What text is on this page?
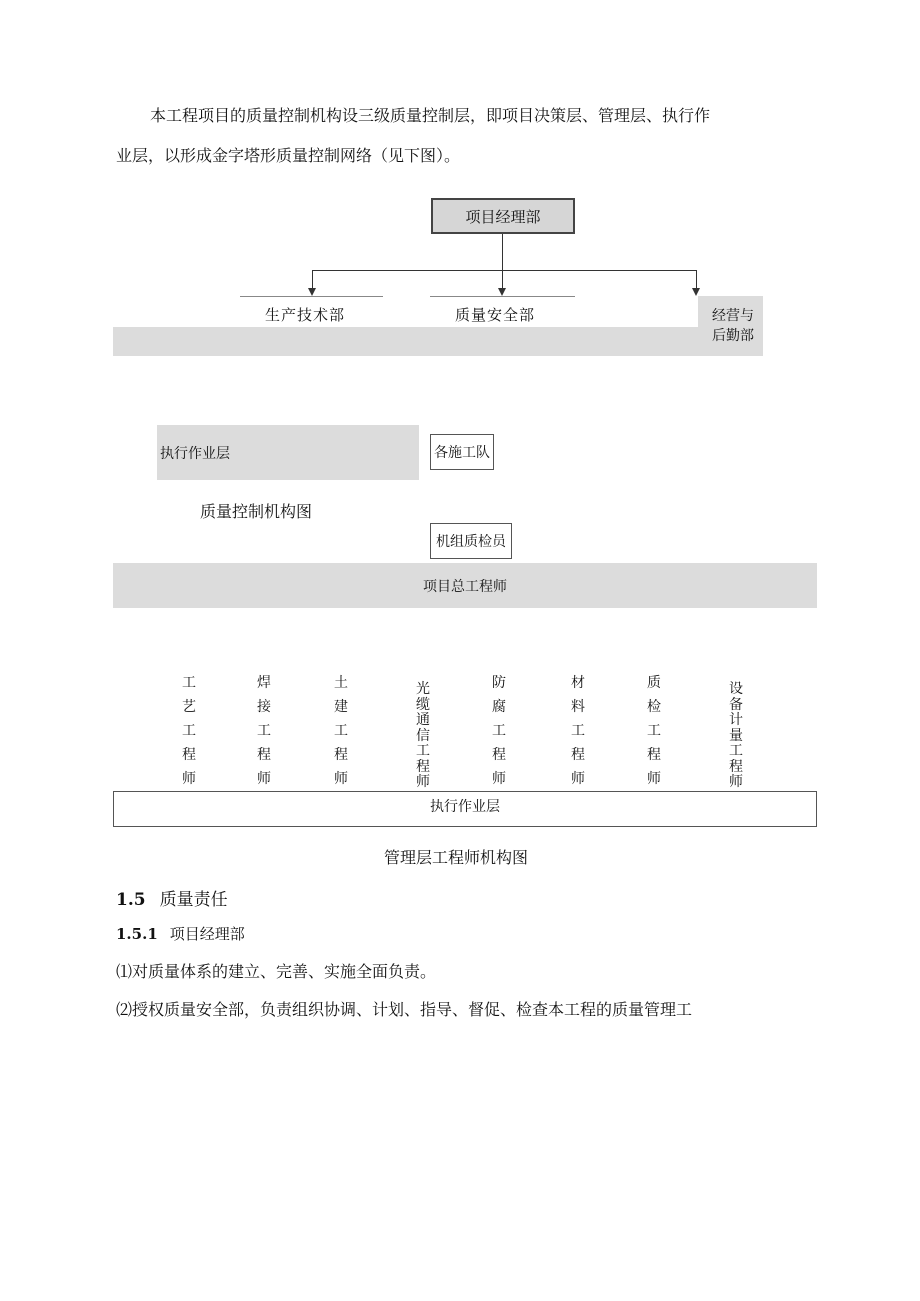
本工程项目的质量控制机构设三级质量控制层，即项目决策层、管理层、执行作
业层，以形成金字塔形质量控制网络（见下图）。
项目经理部
生产技术部	质量安全部	经营与
后勤部
执行作业层	各施工队
质量控制机构图
机组质检员
项目总工程师
工
艺
工
程
师
焊
接
工
程
师
土
建
工
程
师
光
缆
通
信
工
程
师
防
腐
工
程
师
材
料
工
程
师
质
检
工
程
师
设
备
计
量
工
程
师
执行作业层
管理层工程师机构图
1.5 质量责任
1.5.1 项目经理部
⑴对质量体系的建立、完善、实施全面负责。
⑵授权质量安全部，负责组织协调、计划、指导、督促、检查本工程的质量管理工
